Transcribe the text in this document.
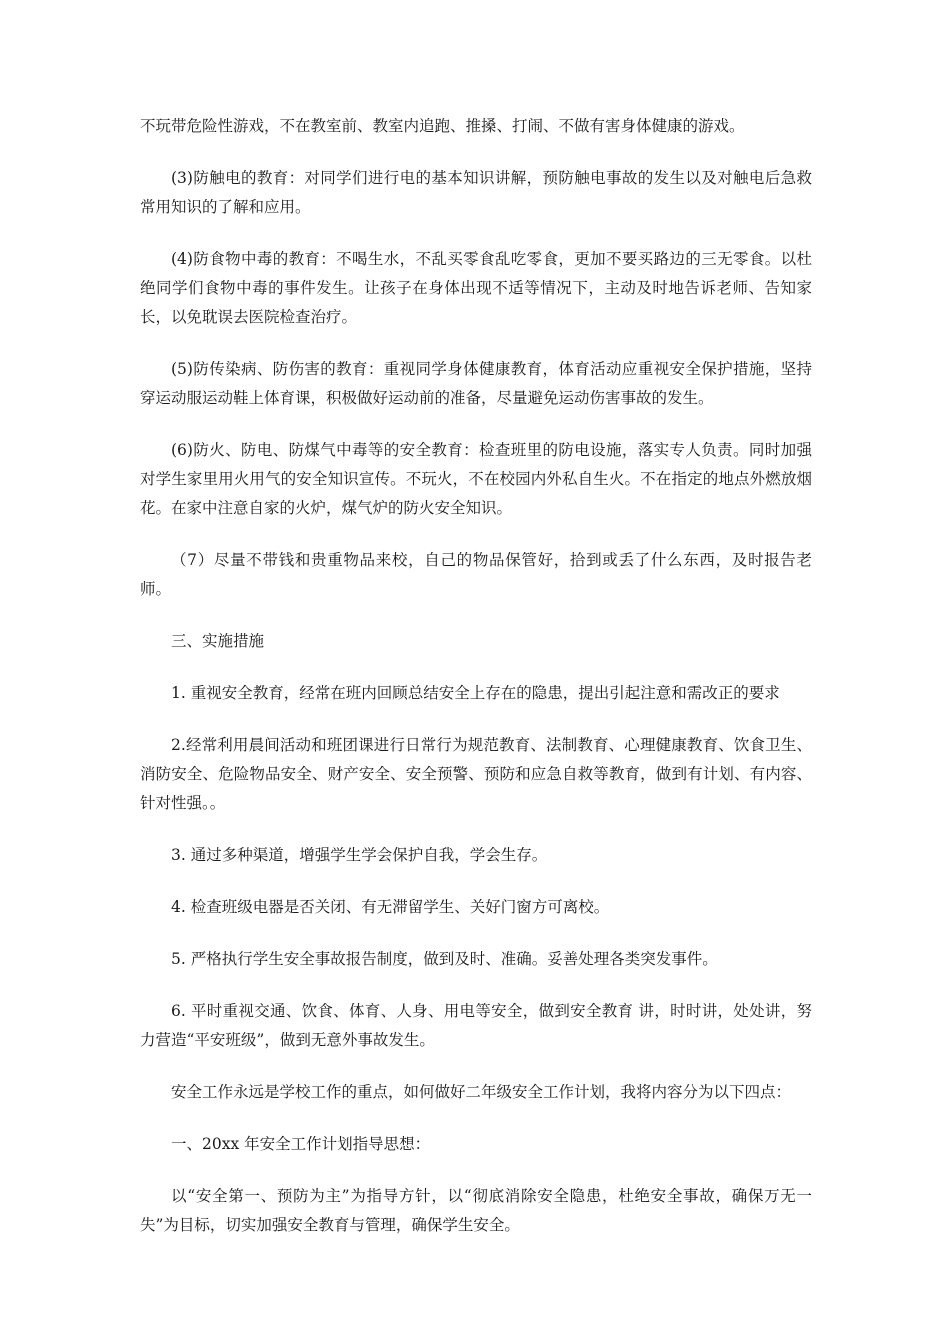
不玩带危险性游戏，不在教室前、教室内追跑、推搡、打闹、不做有害身体健康的游戏。

(3)防触电的教育：对同学们进行电的基本知识讲解，预防触电事故的发生以及对触电后急救常用知识的了解和应用。

(4)防食物中毒的教育：不喝生水，不乱买零食乱吃零食，更加不要买路边的三无零食。以杜绝同学们食物中毒的事件发生。让孩子在身体出现不适等情况下，主动及时地告诉老师、告知家长，以免耽误去医院检查治疗。

(5)防传染病、防伤害的教育：重视同学身体健康教育，体育活动应重视安全保护措施，坚持穿运动服运动鞋上体育课，积极做好运动前的准备，尽量避免运动伤害事故的发生。

(6)防火、防电、防煤气中毒等的安全教育：检查班里的防电设施，落实专人负责。同时加强对学生家里用火用气的安全知识宣传。不玩火，不在校园内外私自生火。不在指定的地点外燃放烟花。在家中注意自家的火炉，煤气炉的防火安全知识。

（7）尽量不带钱和贵重物品来校，自己的物品保管好，拾到或丢了什么东西，及时报告老师。

三、实施措施

1. 重视安全教育，经常在班内回顾总结安全上存在的隐患，提出引起注意和需改正的要求

2.经常利用晨间活动和班团课进行日常行为规范教育、法制教育、心理健康教育、饮食卫生、消防安全、危险物品安全、财产安全、安全预警、预防和应急自救等教育，做到有计划、有内容、针对性强。。

3. 通过多种渠道，增强学生学会保护自我，学会生存。

4. 检查班级电器是否关闭、有无滞留学生、关好门窗方可离校。

5. 严格执行学生安全事故报告制度，做到及时、准确。妥善处理各类突发事件。

6. 平时重视交通、饮食、体育、人身、用电等安全，做到安全教育 讲，时时讲，处处讲，努力营造“平安班级”，做到无意外事故发生。

安全工作永远是学校工作的重点，如何做好二年级安全工作计划，我将内容分为以下四点：

一、20xx 年安全工作计划指导思想：

以“安全第一、预防为主”为指导方针，以“彻底消除安全隐患，杜绝安全事故，确保万无一失”为目标，切实加强安全教育与管理，确保学生安全。
